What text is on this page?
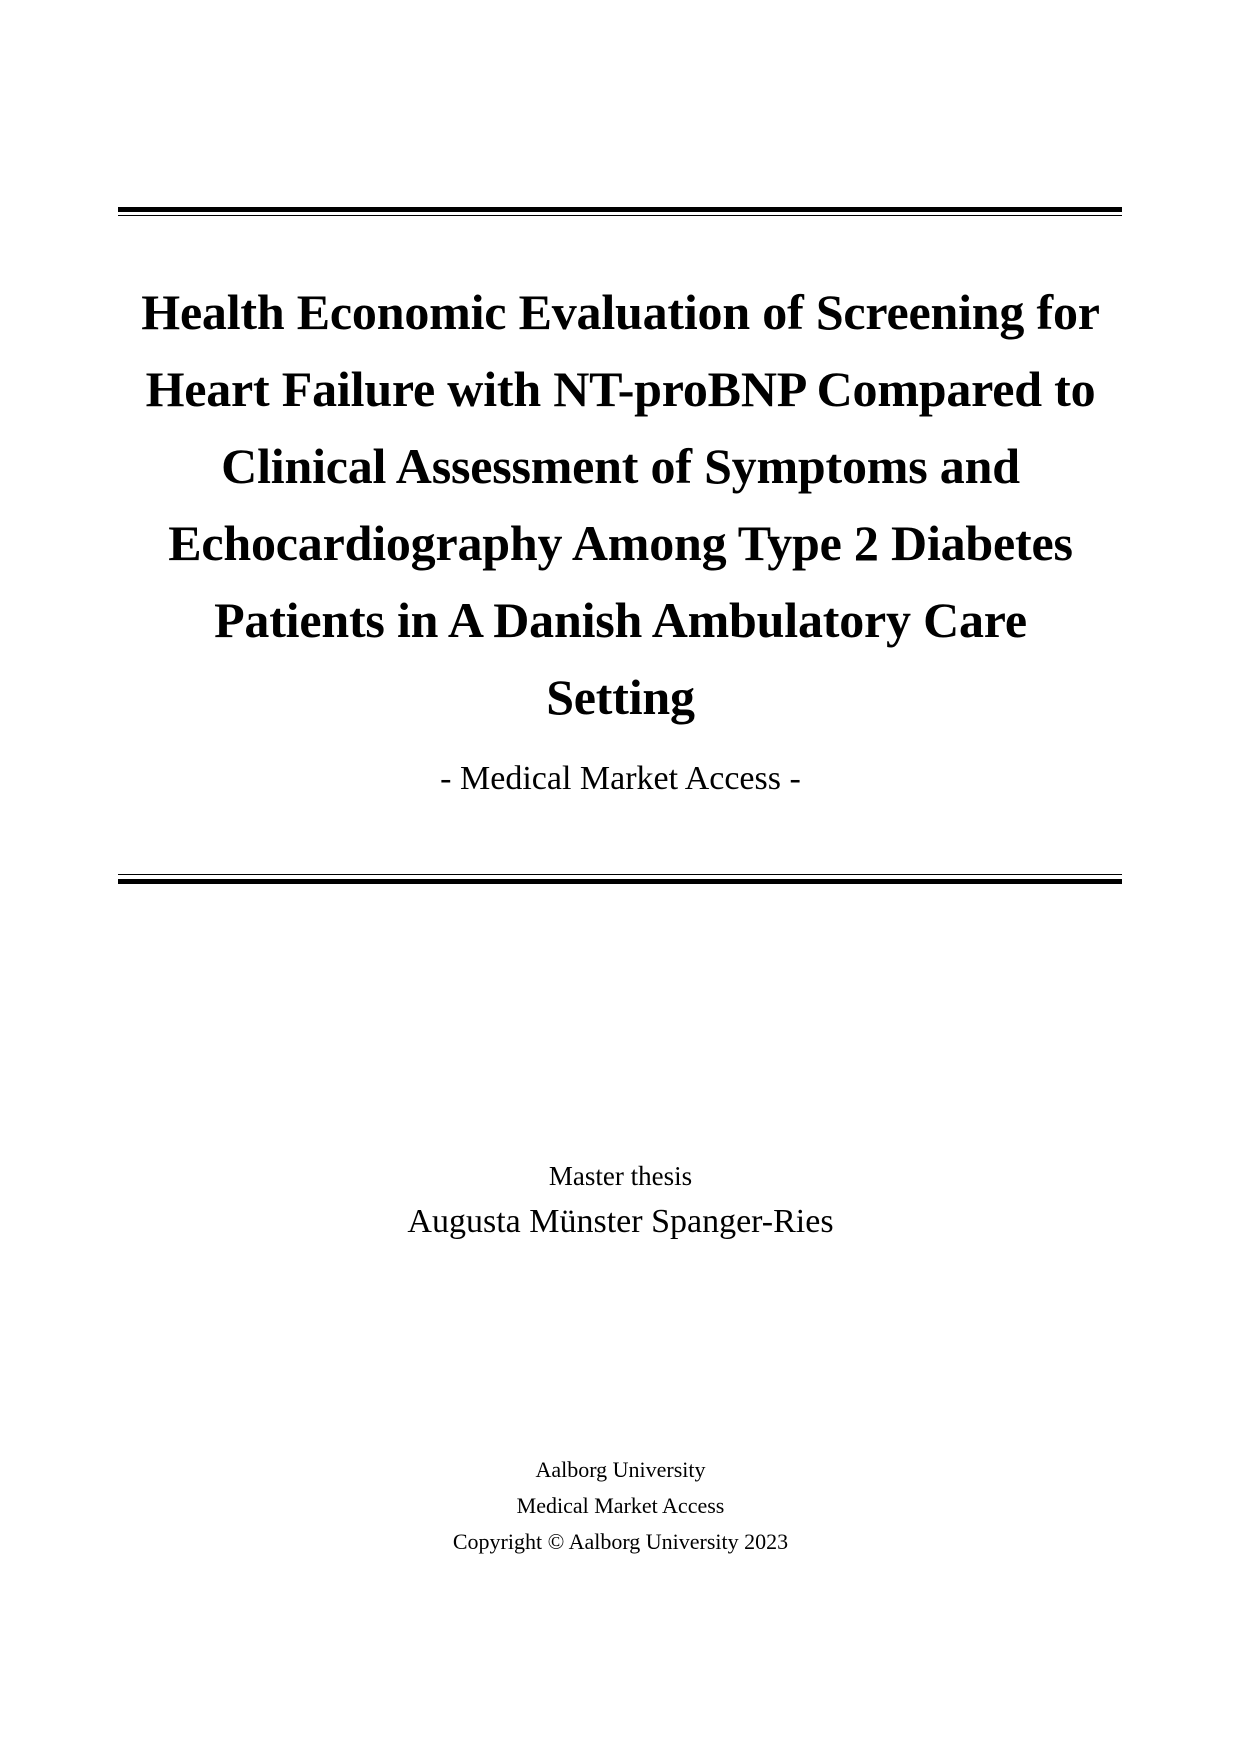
Health Economic Evaluation of Screening for
Heart Failure with NT-proBNP Compared to
Clinical Assessment of Symptoms and
Echocardiography Among Type 2 Diabetes
Patients in A Danish Ambulatory Care
Setting
- Medical Market Access -
Master thesis
Augusta Münster Spanger-Ries
Aalborg University
Medical Market Access
Copyright © Aalborg University 2023
